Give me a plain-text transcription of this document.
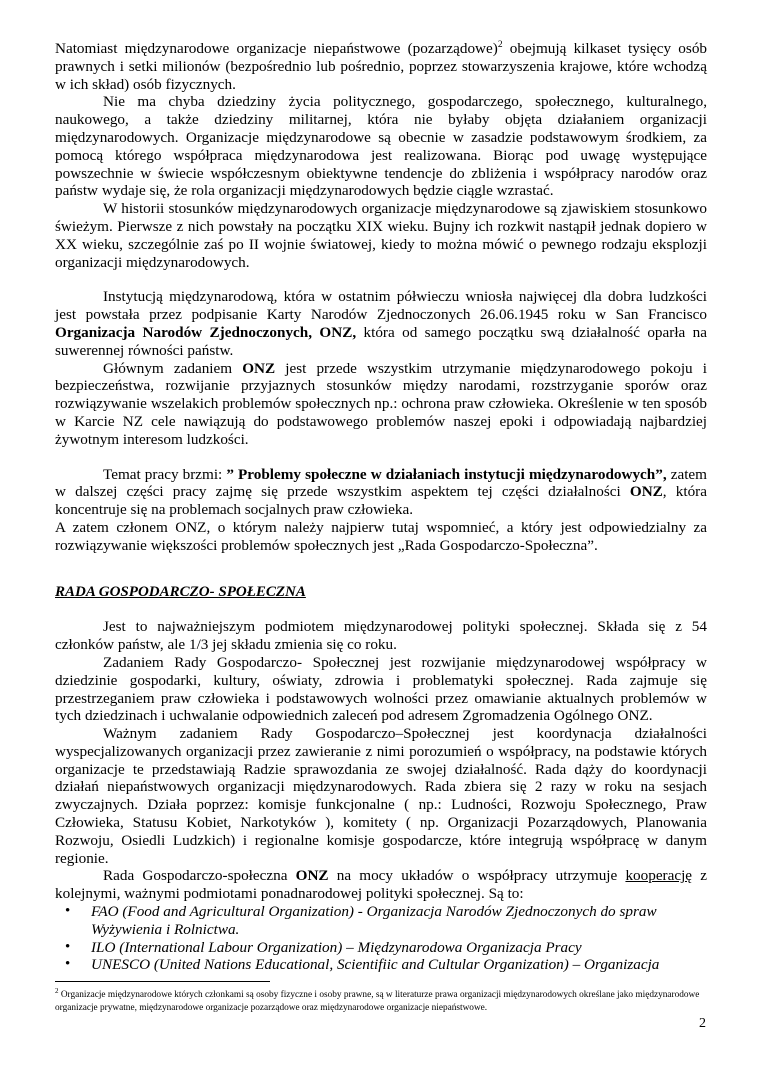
Natomiast międzynarodowe organizacje niepaństwowe (pozarządowe)$^2$ obejmują kilkaset tysięcy osób prawnych i setki milionów (bezpośrednio lub pośrednio, poprzez stowarzyszenia krajowe, które wchodzą w ich skład) osób fizycznych.

Nie ma chyba dziedziny życia politycznego, gospodarczego, społecznego, kulturalnego, naukowego, a także dziedziny militarnej, która nie byłaby objęta działaniem organizacji międzynarodowych. Organizacje międzynarodowe są obecnie w zasadzie podstawowym środkiem, za pomocą którego współpraca międzynarodowa jest realizowana. Biorąc pod uwagę występujące powszechnie w świecie współczesnym obiektywne tendencje do zbliżenia i współpracy narodów oraz państw wydaje się, że rola organizacji międzynarodowych będzie ciągle wzrastać.

W historii stosunków międzynarodowych organizacje międzynarodowe są zjawiskiem stosunkowo świeżym. Pierwsze z nich powstały na początku XIX wieku. Bujny ich rozkwit nastąpił jednak dopiero w XX wieku, szczególnie zaś po II wojnie światowej, kiedy to można mówić o pewnego rodzaju eksplozji organizacji międzynarodowych.

Instytucją międzynarodową, która w ostatnim półwieczu wniosła najwięcej dla dobra ludzkości jest powstała przez podpisanie Karty Narodów Zjednoczonych 26.06.1945 roku w San Francisco Organizacja Narodów Zjednoczonych, ONZ, która od samego początku swą działalność oparła na suwerennej równości państw.

Głównym zadaniem ONZ jest przede wszystkim utrzymanie międzynarodowego pokoju i bezpieczeństwa, rozwijanie przyjaznych stosunków między narodami, rozstrzyganie sporów oraz rozwiązywanie wszelakich problemów społecznych np.: ochrona praw człowieka. Określenie w ten sposób w Karcie NZ cele nawiązują do podstawowego problemów naszej epoki i odpowiadają najbardziej żywotnym interesom ludzkości.

Temat pracy brzmi: ” Problemy społeczne w działaniach instytucji międzynarodowych”, zatem w dalszej części pracy zajmę się przede wszystkim aspektem tej części działalności ONZ, która koncentruje się na problemach socjalnych praw człowieka.

A zatem członem ONZ, o którym należy najpierw tutaj wspomnieć, a który jest odpowiedzialny za rozwiązywanie większości problemów społecznych jest „Rada Gospodarczo-Społeczna”.

RADA GOSPODARCZO- SPOŁECZNA

Jest to najważniejszym podmiotem międzynarodowej polityki społecznej. Składa się z 54 członków państw, ale 1/3 jej składu zmienia się co roku.

Zadaniem Rady Gospodarczo- Społecznej jest rozwijanie międzynarodowej współpracy w dziedzinie gospodarki, kultury, oświaty, zdrowia i problematyki społecznej. Rada zajmuje się przestrzeganiem praw człowieka i podstawowych wolności przez omawianie aktualnych problemów w tych dziedzinach i uchwalanie odpowiednich zaleceń pod adresem Zgromadzenia Ogólnego ONZ.

Ważnym zadaniem Rady Gospodarczo–Społecznej jest koordynacja działalności wyspecjalizowanych organizacji przez zawieranie z nimi porozumień o współpracy, na podstawie których organizacje te przedstawiają Radzie sprawozdania ze swojej działalność. Rada dąży do koordynacji działań niepaństwowych organizacji międzynarodowych. Rada zbiera się 2 razy w roku na sesjach zwyczajnych. Działa poprzez: komisje funkcjonalne ( np.: Ludności, Rozwoju Społecznego, Praw Człowieka, Statusu Kobiet, Narkotyków ), komitety ( np. Organizacji Pozarządowych, Planowania Rozwoju, Osiedli Ludzkich) i regionalne komisje gospodarcze, które integrują współpracę w danym regionie.

Rada Gospodarczo-społeczna ONZ na mocy układów o współpracy utrzymuje kooperację z kolejnymi, ważnymi podmiotami ponadnarodowej polityki społecznej. Są to:

• FAO (Food and Agricultural Organization) - Organizacja Narodów Zjednoczonych do spraw Wyżywienia i Rolnictwa.
• ILO (International Labour Organization) – Międzynarodowa Organizacja Pracy
• UNESCO (United Nations Educational, Scientifiic and Cultular Organization) – Organizacja
$^2$ Organizacje międzynarodowe których członkami są osoby fizyczne i osoby prawne, są w literaturze prawa organizacji międzynarodowych określane jako międzynarodowe organizacje prywatne, międzynarodowe organizacje pozarządowe oraz międzynarodowe organizacje niepaństwowe.
2
